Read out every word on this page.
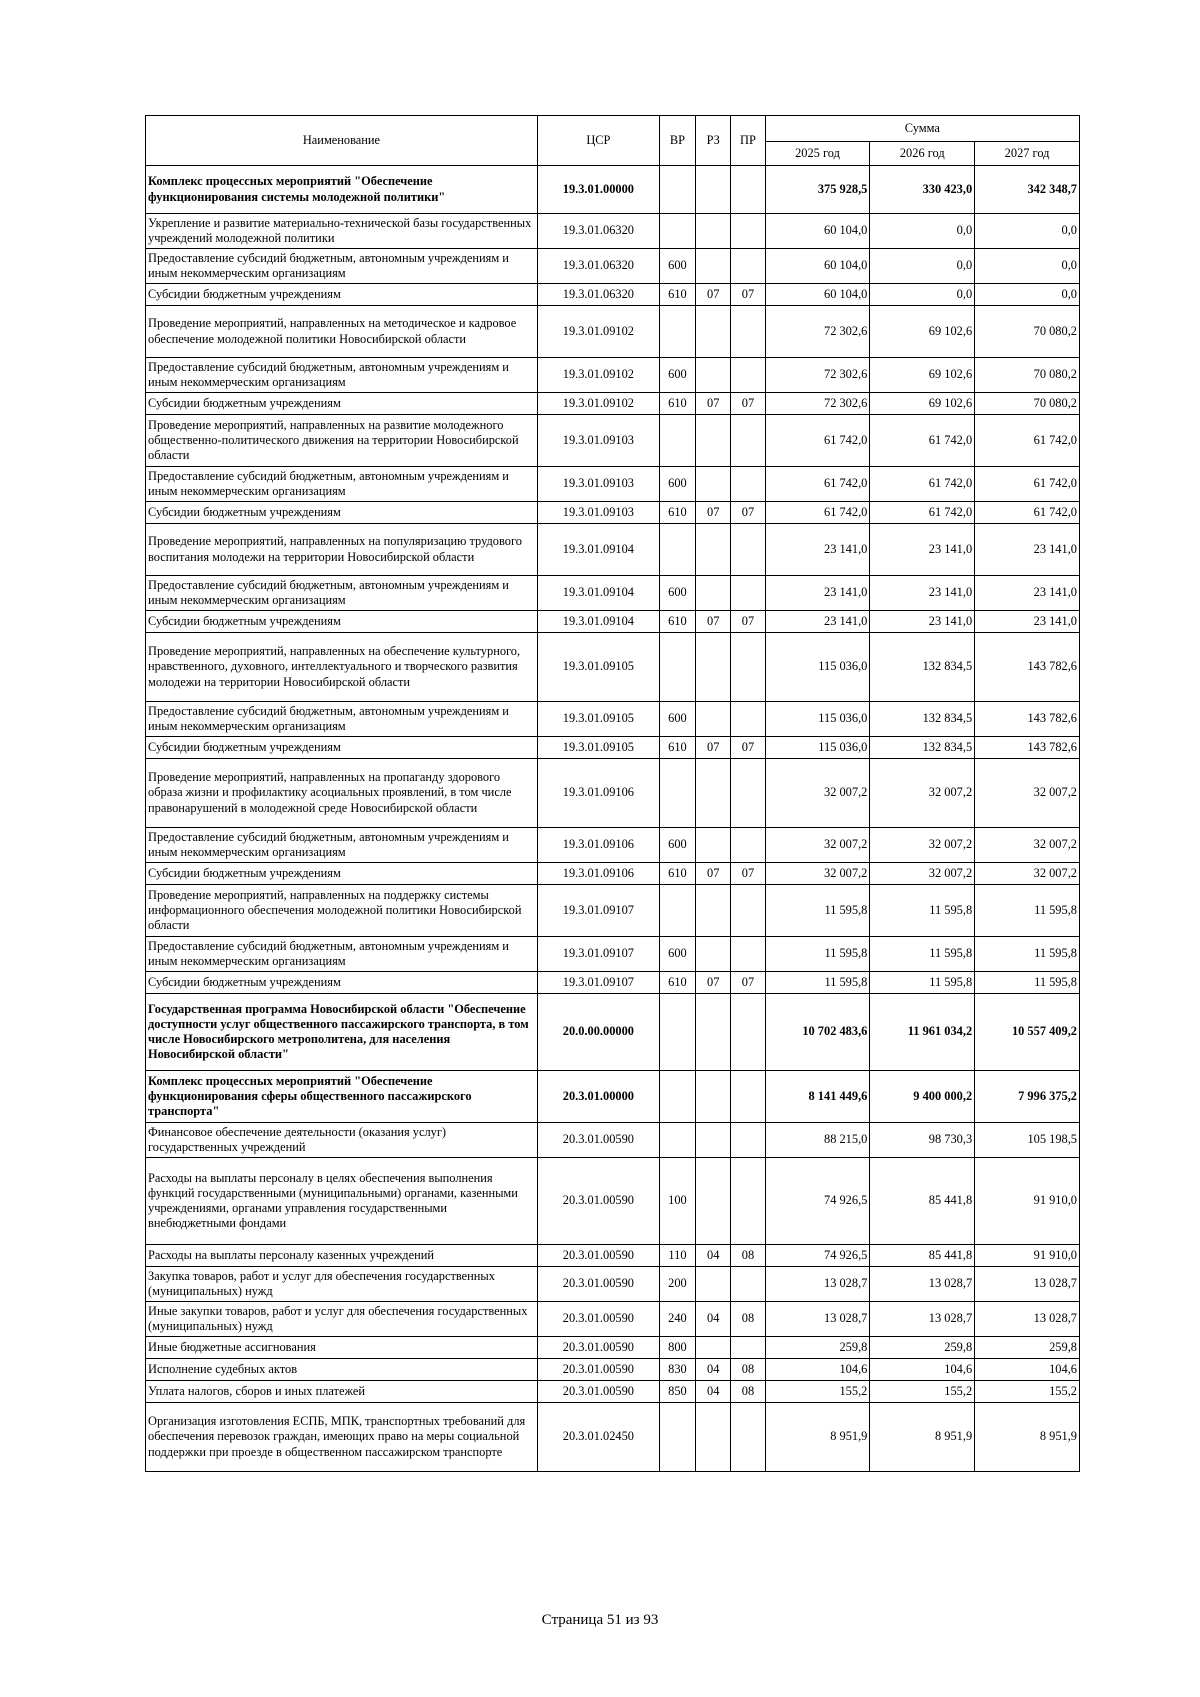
Наименование	ЦСР	ВР	РЗ	ПР	Сумма		
					2025 год	2026 год	2027 год
Комплекс процессных мероприятий "Обеспечение функционирования системы молодежной политики"	19.3.01.00000				375 928,5	330 423,0	342 348,7
Укрепление и развитие материально-технической базы государственных учреждений молодежной политики	19.3.01.06320				60 104,0	0,0	0,0
Предоставление субсидий бюджетным, автономным учреждениям и иным некоммерческим организациям	19.3.01.06320	600			60 104,0	0,0	0,0
Субсидии бюджетным учреждениям	19.3.01.06320	610	07	07	60 104,0	0,0	0,0
Проведение мероприятий, направленных на методическое и кадровое обеспечение молодежной политики Новосибирской области	19.3.01.09102				72 302,6	69 102,6	70 080,2
Предоставление субсидий бюджетным, автономным учреждениям и иным некоммерческим организациям	19.3.01.09102	600			72 302,6	69 102,6	70 080,2
Субсидии бюджетным учреждениям	19.3.01.09102	610	07	07	72 302,6	69 102,6	70 080,2
Проведение мероприятий, направленных на развитие молодежного общественно-политического движения на территории Новосибирской области	19.3.01.09103				61 742,0	61 742,0	61 742,0
Предоставление субсидий бюджетным, автономным учреждениям и иным некоммерческим организациям	19.3.01.09103	600			61 742,0	61 742,0	61 742,0
Субсидии бюджетным учреждениям	19.3.01.09103	610	07	07	61 742,0	61 742,0	61 742,0
Проведение мероприятий, направленных на популяризацию трудового воспитания молодежи на территории Новосибирской области	19.3.01.09104				23 141,0	23 141,0	23 141,0
Предоставление субсидий бюджетным, автономным учреждениям и иным некоммерческим организациям	19.3.01.09104	600			23 141,0	23 141,0	23 141,0
Субсидии бюджетным учреждениям	19.3.01.09104	610	07	07	23 141,0	23 141,0	23 141,0
Проведение мероприятий, направленных на обеспечение культурного, нравственного, духовного, интеллектуального и творческого развития молодежи на территории Новосибирской области	19.3.01.09105				115 036,0	132 834,5	143 782,6
Предоставление субсидий бюджетным, автономным учреждениям и иным некоммерческим организациям	19.3.01.09105	600			115 036,0	132 834,5	143 782,6
Субсидии бюджетным учреждениям	19.3.01.09105	610	07	07	115 036,0	132 834,5	143 782,6
Проведение мероприятий, направленных на пропаганду здорового образа жизни и профилактику асоциальных проявлений, в том числе правонарушений в молодежной среде Новосибирской области	19.3.01.09106				32 007,2	32 007,2	32 007,2
Предоставление субсидий бюджетным, автономным учреждениям и иным некоммерческим организациям	19.3.01.09106	600			32 007,2	32 007,2	32 007,2
Субсидии бюджетным учреждениям	19.3.01.09106	610	07	07	32 007,2	32 007,2	32 007,2
Проведение мероприятий, направленных на поддержку системы информационного обеспечения молодежной политики Новосибирской области	19.3.01.09107				11 595,8	11 595,8	11 595,8
Предоставление субсидий бюджетным, автономным учреждениям и иным некоммерческим организациям	19.3.01.09107	600			11 595,8	11 595,8	11 595,8
Субсидии бюджетным учреждениям	19.3.01.09107	610	07	07	11 595,8	11 595,8	11 595,8
Государственная программа Новосибирской области "Обеспечение доступности услуг общественного пассажирского транспорта, в том числе Новосибирского метрополитена, для населения Новосибирской области"	20.0.00.00000				10 702 483,6	11 961 034,2	10 557 409,2
Комплекс процессных мероприятий "Обеспечение функционирования сферы общественного пассажирского транспорта"	20.3.01.00000				8 141 449,6	9 400 000,2	7 996 375,2
Финансовое обеспечение деятельности (оказания услуг) государственных учреждений	20.3.01.00590				88 215,0	98 730,3	105 198,5
Расходы на выплаты персоналу в целях обеспечения выполнения функций государственными (муниципальными) органами, казенными учреждениями, органами управления государственными внебюджетными фондами	20.3.01.00590	100			74 926,5	85 441,8	91 910,0
Расходы на выплаты персоналу казенных учреждений	20.3.01.00590	110	04	08	74 926,5	85 441,8	91 910,0
Закупка товаров, работ и услуг для обеспечения государственных (муниципальных) нужд	20.3.01.00590	200			13 028,7	13 028,7	13 028,7
Иные закупки товаров, работ и услуг для обеспечения государственных (муниципальных) нужд	20.3.01.00590	240	04	08	13 028,7	13 028,7	13 028,7
Иные бюджетные ассигнования	20.3.01.00590	800			259,8	259,8	259,8
Исполнение судебных актов	20.3.01.00590	830	04	08	104,6	104,6	104,6
Уплата налогов, сборов и иных платежей	20.3.01.00590	850	04	08	155,2	155,2	155,2
Организация изготовления ЕСПБ, МПК, транспортных требований для обеспечения перевозок граждан, имеющих право на меры социальной поддержки при проезде в общественном пассажирском транспорте	20.3.01.02450				8 951,9	8 951,9	8 951,9
Страница 51 из 93
